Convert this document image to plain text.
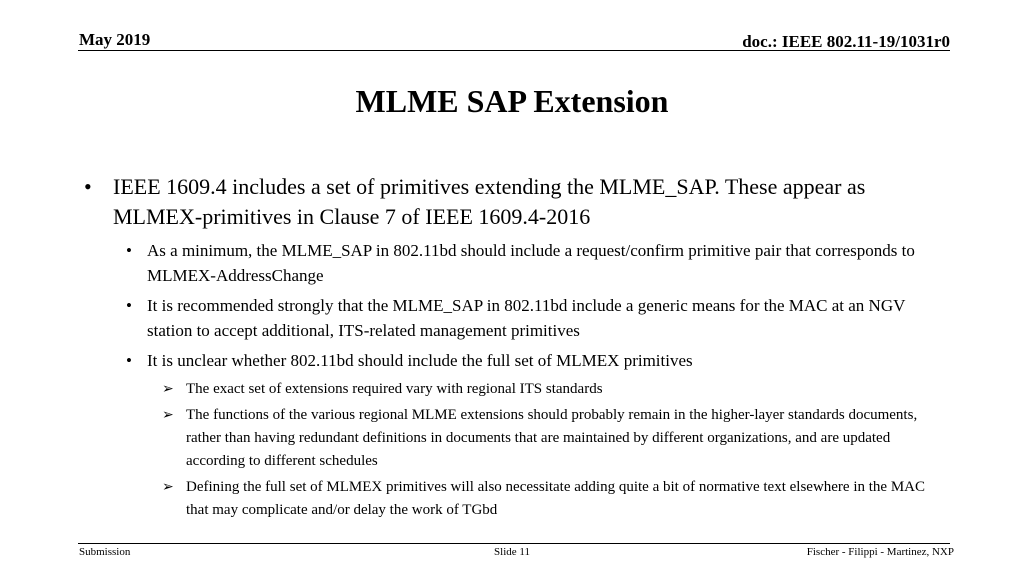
May 2019	doc.: IEEE 802.11-19/1031r0
MLME SAP Extension
• IEEE 1609.4 includes a set of primitives extending the MLME_SAP. These appear as MLMEX-primitives in Clause 7 of IEEE 1609.4-2016
• As a minimum, the MLME_SAP in 802.11bd should include a request/confirm primitive pair that corresponds to MLMEX-AddressChange
• It is recommended strongly that the MLME_SAP in 802.11bd include a generic means for the MAC at an NGV station to accept additional, ITS-related management primitives
• It is unclear whether 802.11bd should include the full set of MLMEX primitives
➢ The exact set of extensions required vary with regional ITS standards
➢ The functions of the various regional MLME extensions should probably remain in the higher-layer standards documents, rather than having redundant definitions in documents that are maintained by different organizations, and are updated according to different schedules
➢ Defining the full set of MLMEX primitives will also necessitate adding quite a bit of normative text elsewhere in the MAC that may complicate and/or delay the work of TGbd
Submission	Slide 11	Fischer - Filippi - Martinez, NXP
